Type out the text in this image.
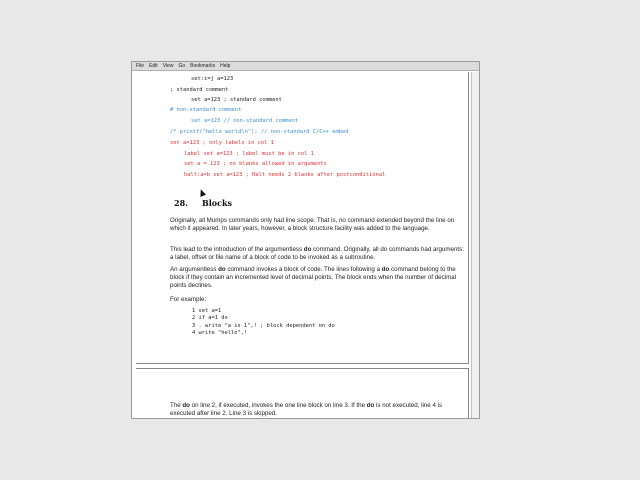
File Edit View Go Bookmarks Help
set:i=j a=123
; standard comment
set a=123 ; standard comment
# non-standard comment
set a=123 // non-standard comment
/* printf("hello world\n"); // non-standard C/C++ embed
set a=123 ; only labels in col 1
label set a=123 ; label must be in col 1
set a = 123 ; no blanks allowed in arguments
halt:a=b set a=123 ; Halt needs 2 blanks after postconditional
28. Blocks
Originally, all Mumps commands only had line scope. That is, no command extended beyond the line on which it appeared. In later years, however, a block structure facility was added to the language.
This lead to the introduction of the argumentless do command. Originally, all do commands had arguments: a label, offset or file name of a block of code to be invoked as a subroutine.
An argumentless do command invokes a block of code. The lines following a do command belong to the block if they contain an incremented level of decimal points. The block ends when the number of decimal points declines.
For example:
1 set a=1
2 if a=1 do
3 . write "a is 1",! ; block dependent on do
4 write "hello",!
The do on line 2, if executed, invokes the one line block on line 3. If the do is not executed, line 4 is executed after line 2. Line 3 is skipped.
